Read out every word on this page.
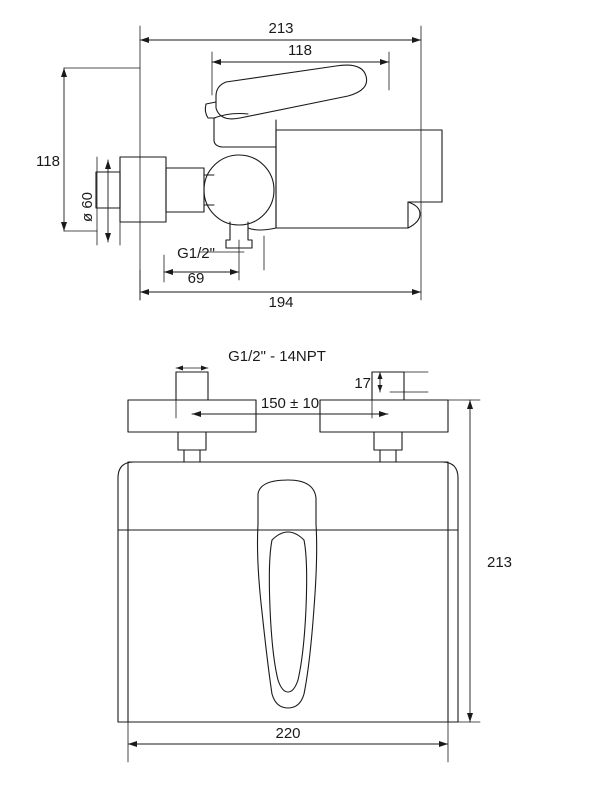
213
118
118
ø 60
G1/2"
69
194
G1/2" - 14NPT
17
150 ± 10
213
220
